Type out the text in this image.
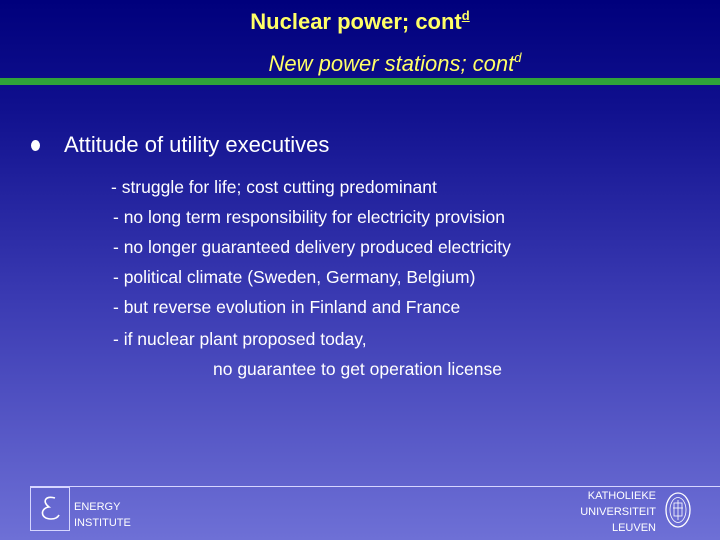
Nuclear power; cont$^d$
New power stations; cont$^d$
Attitude of utility executives
- struggle for life; cost cutting predominant
- no long term responsibility for electricity provision
- no longer guaranteed delivery produced electricity
- political climate (Sweden, Germany, Belgium)
- but reverse evolution in Finland and France
- if nuclear plant proposed today,
no guarantee to get operation license
ENERGY
INSTITUTE
KATHOLIEKE
UNIVERSITEIT
LEUVEN
